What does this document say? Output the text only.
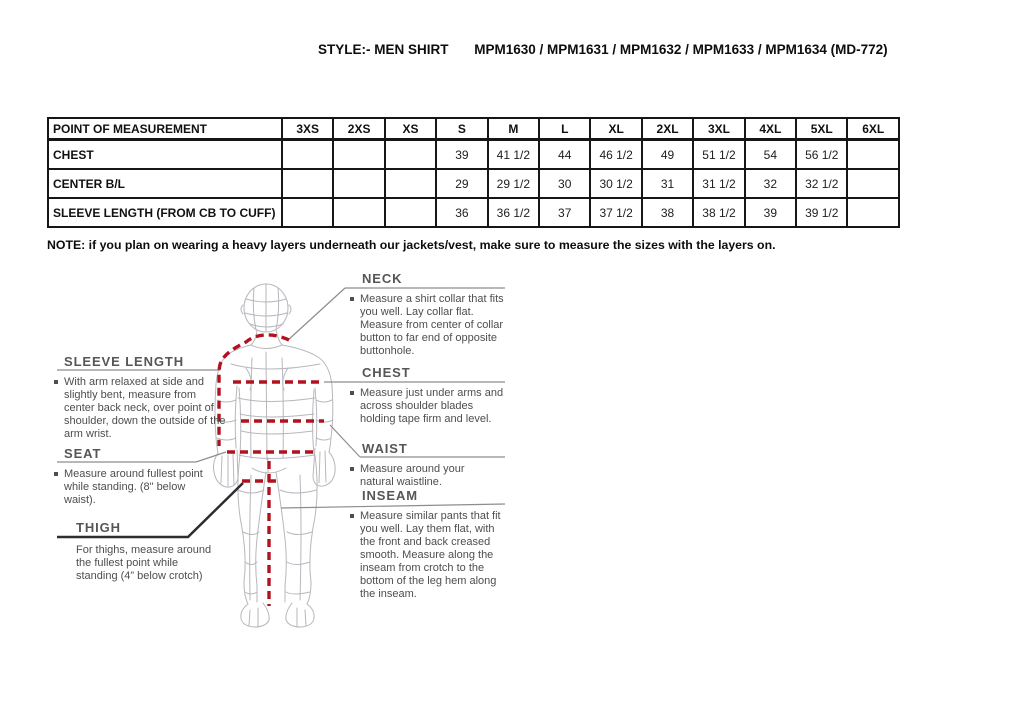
STYLE:- MEN SHIRT MPM1630 / MPM1631 / MPM1632 / MPM1633 / MPM1634 (MD-772)
POINT OF MEASUREMENT	3XS	2XS	XS	S	M	L	XL	2XL	3XL	4XL	5XL	6XL
CHEST				39	41 1/2	44	46 1/2	49	51 1/2	54	56 1/2	
CENTER B/L				29	29 1/2	30	30 1/2	31	31 1/2	32	32 1/2	
SLEEVE LENGTH (FROM CB TO CUFF)				36	36 1/2	37	37 1/2	38	38 1/2	39	39 1/2	
NOTE: if you plan on wearing a heavy layers underneath our jackets/vest, make sure to measure the sizes with the layers on.
NECK
Measure a shirt collar that fits you well. Lay collar flat. Measure from center of collar button to far end of opposite buttonhole.
CHEST
Measure just under arms and across shoulder blades holding tape firm and level.
WAIST
Measure around your natural waistline.
INSEAM
Measure similar pants that fit you well. Lay them flat, with the front and back creased smooth. Measure along the inseam from crotch to the bottom of the leg hem along the inseam.
SLEEVE LENGTH
With arm relaxed at side and slightly bent, measure from center back neck, over point of shoulder, down the outside of the arm wrist.
SEAT
Measure around fullest point while standing. (8" below waist).
THIGH
For thighs, measure around the fullest point while standing (4” below crotch)
